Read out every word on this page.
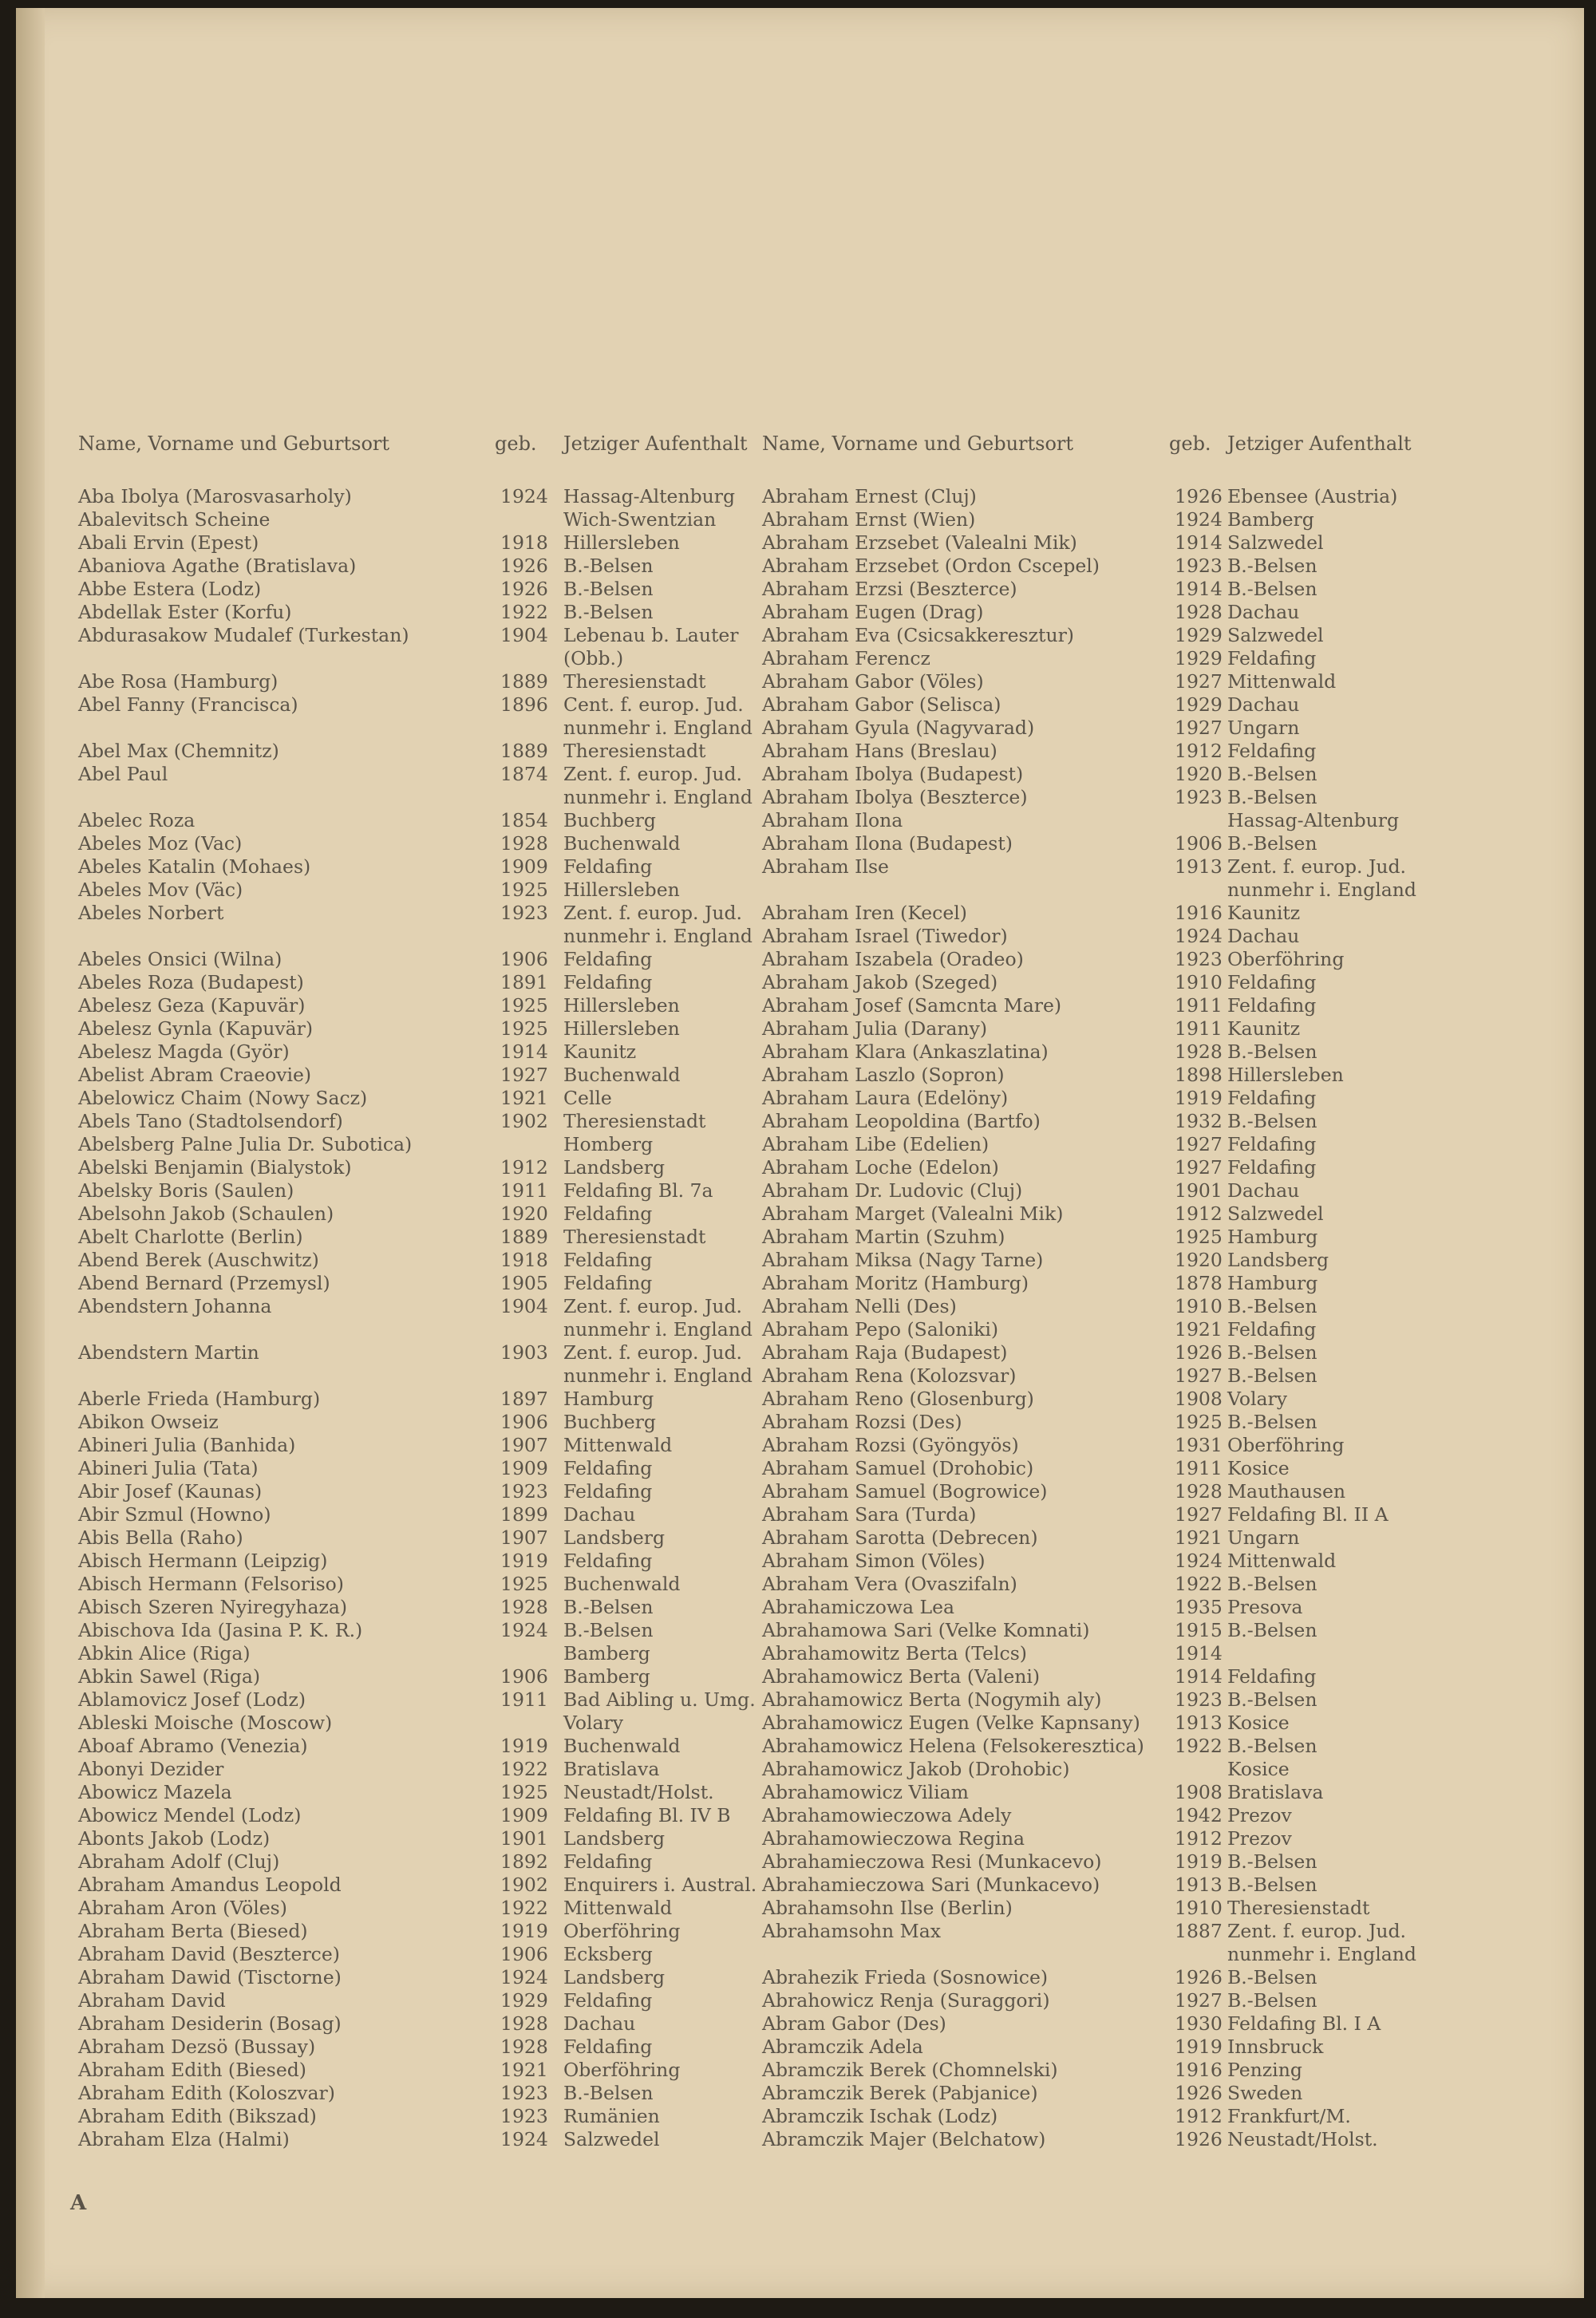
Name, Vorname und Geburtsort	geb. Jetziger Aufenthalt Name, Vorname und Geburtsort	geb. Jetziger Aufenthalt
Aba Ibolya (Marosvasarholy)	1924 Hassag-Altenburg
Abalevitsch Scheine	Wich-Swentzian
Abali Ervin (Epest)	1918 Hillersleben
Abaniova Agathe (Bratislava)	1926 B.-Belsen
Abbe Estera (Lodz)	1926 B.-Belsen
Abdellak Ester (Korfu)	1922 B.-Belsen
Abdurasakow Mudalef (Turkestan)	1904 Lebenau b. Lauter
(Obb.)
Abe Rosa (Hamburg)	1889 Theresienstadt
Abel Fanny (Francisca)	1896 Cent. f. europ. Jud.
nunmehr i. England
Abel Max (Chemnitz)	1889 Theresienstadt
Abel Paul	1874 Zent. f. europ. Jud.
nunmehr i. England
Abelec Roza	1854 Buchberg
Abeles Moz (Vac)	1928 Buchenwald
Abeles Katalin (Mohaes)	1909 Feldafing
Abeles Mov (Väc)	1925 Hillersleben
Abeles Norbert	1923 Zent. f. europ. Jud.
nunmehr i. England
Abeles Onsici (Wilna)	1906 Feldafing
Abeles Roza (Budapest)	1891 Feldafing
Abelesz Geza (Kapuvär)	1925 Hillersleben
Abelesz Gynla (Kapuvär)	1925 Hillersleben
Abelesz Magda (Györ)	1914 Kaunitz
Abelist Abram Craeovie)	1927 Buchenwald
Abelowicz Chaim (Nowy Sacz)	1921 Celle
Abels Tano (Stadtolsendorf)	1902 Theresienstadt
Abelsberg Palne Julia Dr. Subotica)	Homberg
Abelski Benjamin (Bialystok)	1912 Landsberg
Abelsky Boris (Saulen)	1911 Feldafing Bl. 7a
Abelsohn Jakob (Schaulen)	1920 Feldafing
Abelt Charlotte (Berlin)	1889 Theresienstadt
Abend Berek (Auschwitz)	1918 Feldafing
Abend Bernard (Przemysl)	1905 Feldafing
Abendstern Johanna	1904 Zent. f. europ. Jud.
nunmehr i. England
Abendstern Martin	1903 Zent. f. europ. Jud.
nunmehr i. England
Aberle Frieda (Hamburg)	1897 Hamburg
Abikon Owseiz	1906 Buchberg
Abineri Julia (Banhida)	1907 Mittenwald
Abineri Julia (Tata)	1909 Feldafing
Abir Josef (Kaunas)	1923 Feldafing
Abir Szmul (Howno)	1899 Dachau
Abis Bella (Raho)	1907 Landsberg
Abisch Hermann (Leipzig)	1919 Feldafing
Abisch Hermann (Felsoriso)	1925 Buchenwald
Abisch Szeren Nyiregyhaza)	1928 B.-Belsen
Abischova Ida (Jasina P. K. R.)	1924 B.-Belsen
Abkin Alice (Riga)	Bamberg
Abkin Sawel (Riga)	1906 Bamberg
Ablamovicz Josef (Lodz)	1911 Bad Aibling u. Umg.
Ableski Moische (Moscow)	Volary
Aboaf Abramo (Venezia)	1919 Buchenwald
Abonyi Dezider	1922 Bratislava
Abowicz Mazela	1925 Neustadt/Holst.
Abowicz Mendel (Lodz)	1909 Feldafing Bl. IV B
Abonts Jakob (Lodz)	1901 Landsberg
Abraham Adolf (Cluj)	1892 Feldafing
Abraham Amandus Leopold	1902 Enquirers i. Austral.
Abraham Aron (Völes)	1922 Mittenwald
Abraham Berta (Biesed)	1919 Oberföhring
Abraham David (Beszterce)	1906 Ecksberg
Abraham Dawid (Tisctorne)	1924 Landsberg
Abraham David	1929 Feldafing
Abraham Desiderin (Bosag)	1928 Dachau
Abraham Dezsö (Bussay)	1928 Feldafing
Abraham Edith (Biesed)	1921 Oberföhring
Abraham Edith (Koloszvar)	1923 B.-Belsen
Abraham Edith (Bikszad)	1923 Rumänien
Abraham Elza (Halmi)	1924 Salzwedel
Abraham Ernest (Cluj)	1926 Ebensee (Austria)
Abraham Ernst (Wien)	1924 Bamberg
Abraham Erzsebet (Valealni Mik)	1914 Salzwedel
Abraham Erzsebet (Ordon Cscepel)	1923 B.-Belsen
Abraham Erzsi (Beszterce)	1914 B.-Belsen
Abraham Eugen (Drag)	1928 Dachau
Abraham Eva (Csicsakkeresztur)	1929 Salzwedel
Abraham Ferencz	1929 Feldafing
Abraham Gabor (Völes)	1927 Mittenwald
Abraham Gabor (Selisca)	1929 Dachau
Abraham Gyula (Nagyvarad)	1927 Ungarn
Abraham Hans (Breslau)	1912 Feldafing
Abraham Ibolya (Budapest)	1920 B.-Belsen
Abraham Ibolya (Beszterce)	1923 B.-Belsen
Abraham Ilona	Hassag-Altenburg
Abraham Ilona (Budapest)	1906 B.-Belsen
Abraham Ilse	1913 Zent. f. europ. Jud.
nunmehr i. England
Abraham Iren (Kecel)	1916 Kaunitz
Abraham Israel (Tiwedor)	1924 Dachau
Abraham Iszabela (Oradeo)	1923 Oberföhring
Abraham Jakob (Szeged)	1910 Feldafing
Abraham Josef (Samcnta Mare)	1911 Feldafing
Abraham Julia (Darany)	1911 Kaunitz
Abraham Klara (Ankaszlatina)	1928 B.-Belsen
Abraham Laszlo (Sopron)	1898 Hillersleben
Abraham Laura (Edelöny)	1919 Feldafing
Abraham Leopoldina (Bartfo)	1932 B.-Belsen
Abraham Libe (Edelien)	1927 Feldafing
Abraham Loche (Edelon)	1927 Feldafing
Abraham Dr. Ludovic (Cluj)	1901 Dachau
Abraham Marget (Valealni Mik)	1912 Salzwedel
Abraham Martin (Szuhm)	1925 Hamburg
Abraham Miksa (Nagy Tarne)	1920 Landsberg
Abraham Moritz (Hamburg)	1878 Hamburg
Abraham Nelli (Des)	1910 B.-Belsen
Abraham Pepo (Saloniki)	1921 Feldafing
Abraham Raja (Budapest)	1926 B.-Belsen
Abraham Rena (Kolozsvar)	1927 B.-Belsen
Abraham Reno (Glosenburg)	1908 Volary
Abraham Rozsi (Des)	1925 B.-Belsen
Abraham Rozsi (Gyöngyös)	1931 Oberföhring
Abraham Samuel (Drohobic)	1911 Kosice
Abraham Samuel (Bogrowice)	1928 Mauthausen
Abraham Sara (Turda)	1927 Feldafing Bl. II A
Abraham Sarotta (Debrecen)	1921 Ungarn
Abraham Simon (Völes)	1924 Mittenwald
Abraham Vera (Ovaszifaln)	1922 B.-Belsen
Abrahamiczowa Lea	1935 Presova
Abrahamowa Sari (Velke Komnati)	1915 B.-Belsen
Abrahamowitz Berta (Telcs)	1914
Abrahamowicz Berta (Valeni)	1914 Feldafing
Abrahamowicz Berta (Nogymih aly)	1923 B.-Belsen
Abrahamowicz Eugen (Velke Kapnsany) 1913 Kosice
Abrahamowicz Helena (Felsokeresztica) 1922 B.-Belsen
Abrahamowicz Jakob (Drohobic)	Kosice
Abrahamowicz Viliam	1908 Bratislava
Abrahamowieczowa Adely	1942 Prezov
Abrahamowieczowa Regina	1912 Prezov
Abrahamieczowa Resi (Munkacevo)	1919 B.-Belsen
Abrahamieczowa Sari (Munkacevo)	1913 B.-Belsen
Abrahamsohn Ilse (Berlin)	1910 Theresienstadt
Abrahamsohn Max	1887 Zent. f. europ. Jud.
nunmehr i. England
Abrahezik Frieda (Sosnowice)	1926 B.-Belsen
Abrahowicz Renja (Suraggori)	1927 B.-Belsen
Abram Gabor (Des)	1930 Feldafing Bl. I A
Abramczik Adela	1919 Innsbruck
Abramczik Berek (Chomnelski)	1916 Penzing
Abramczik Berek (Pabjanice)	1926 Sweden
Abramczik Ischak (Lodz)	1912 Frankfurt/M.
Abramczik Majer (Belchatow)	1926 Neustadt/Holst.
A
